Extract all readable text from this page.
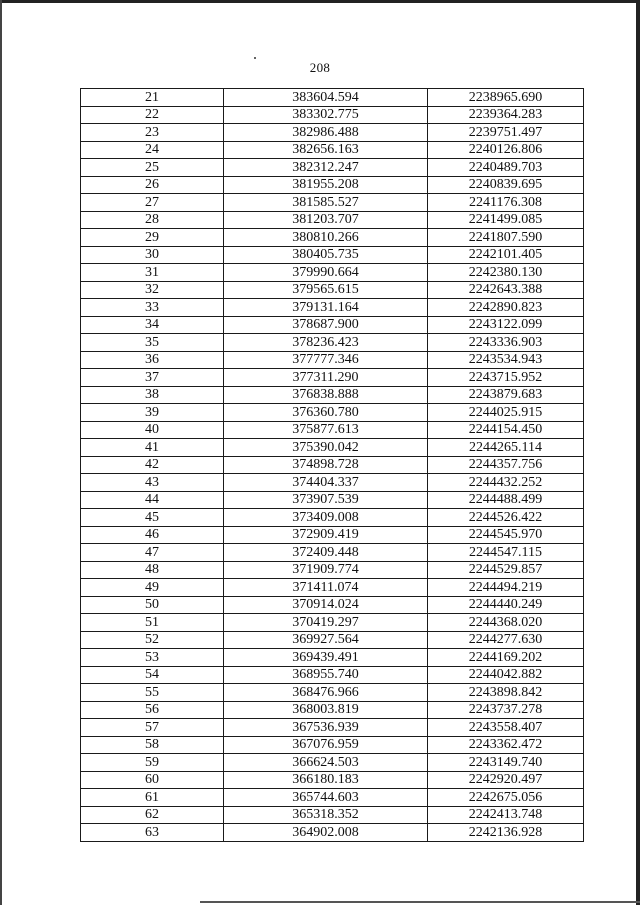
208
21	383604.594	2238965.690
22	383302.775	2239364.283
23	382986.488	2239751.497
24	382656.163	2240126.806
25	382312.247	2240489.703
26	381955.208	2240839.695
27	381585.527	2241176.308
28	381203.707	2241499.085
29	380810.266	2241807.590
30	380405.735	2242101.405
31	379990.664	2242380.130
32	379565.615	2242643.388
33	379131.164	2242890.823
34	378687.900	2243122.099
35	378236.423	2243336.903
36	377777.346	2243534.943
37	377311.290	2243715.952
38	376838.888	2243879.683
39	376360.780	2244025.915
40	375877.613	2244154.450
41	375390.042	2244265.114
42	374898.728	2244357.756
43	374404.337	2244432.252
44	373907.539	2244488.499
45	373409.008	2244526.422
46	372909.419	2244545.970
47	372409.448	2244547.115
48	371909.774	2244529.857
49	371411.074	2244494.219
50	370914.024	2244440.249
51	370419.297	2244368.020
52	369927.564	2244277.630
53	369439.491	2244169.202
54	368955.740	2244042.882
55	368476.966	2243898.842
56	368003.819	2243737.278
57	367536.939	2243558.407
58	367076.959	2243362.472
59	366624.503	2243149.740
60	366180.183	2242920.497
61	365744.603	2242675.056
62	365318.352	2242413.748
63	364902.008	2242136.928
